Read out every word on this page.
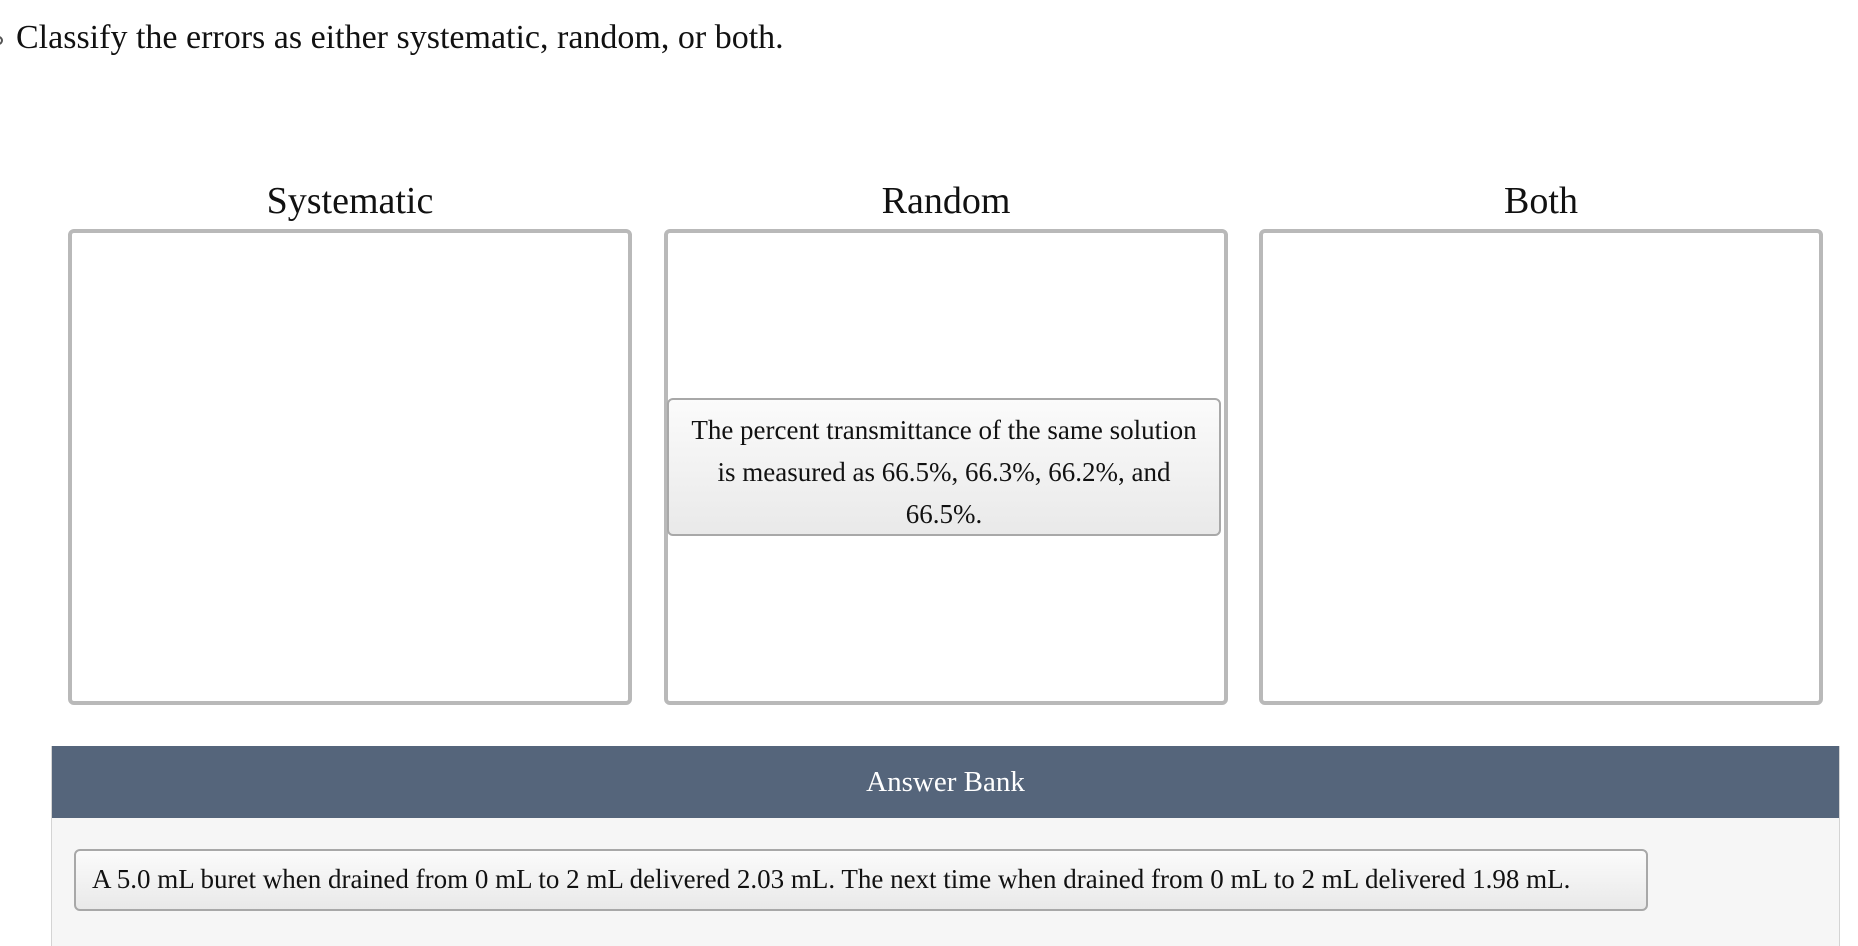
Classify the errors as either systematic, random, or both.
Systematic	Random	Both
The percent transmittance of the same solution is measured as 66.5%, 66.3%, 66.2%, and 66.5%.
Answer Bank
A 5.0 mL buret when drained from 0 mL to 2 mL delivered 2.03 mL. The next time when drained from 0 mL to 2 mL delivered 1.98 mL.
